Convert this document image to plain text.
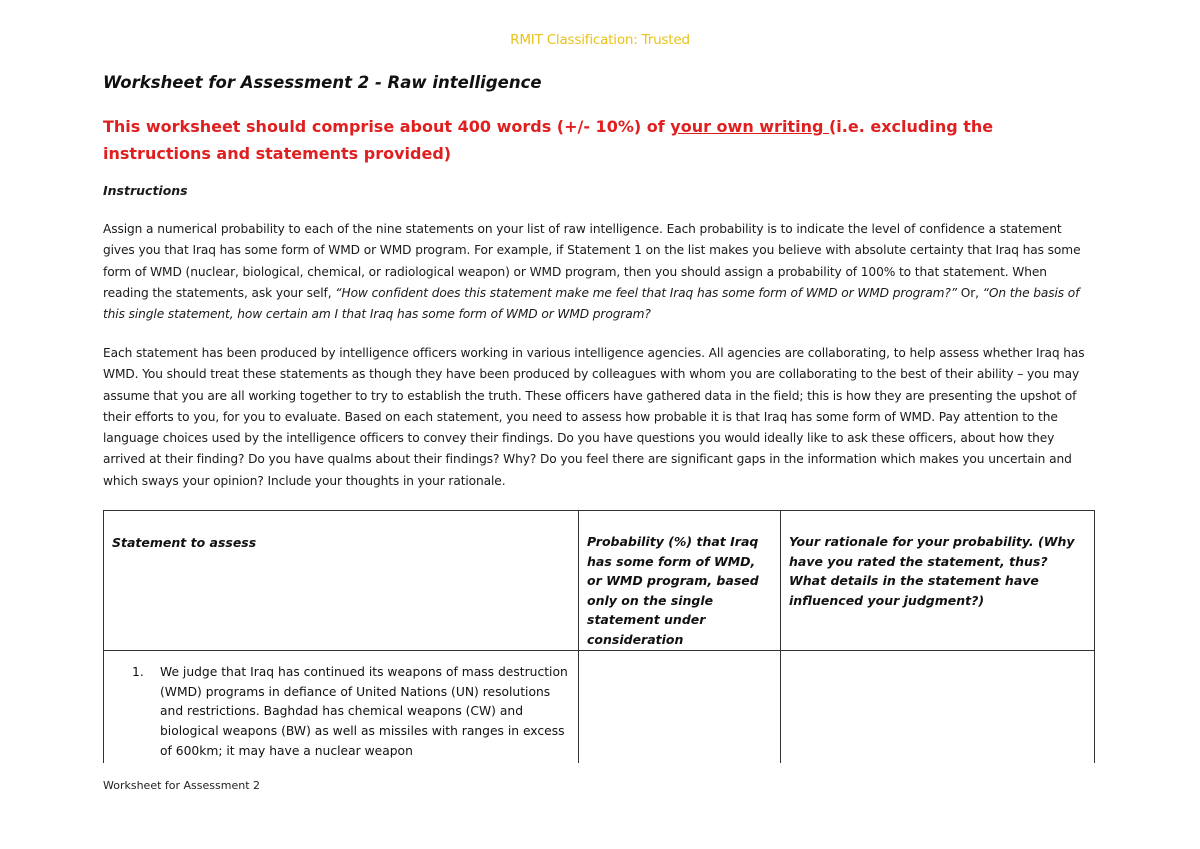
RMIT Classification: Trusted
Worksheet for Assessment 2 - Raw intelligence

This worksheet should comprise about 400 words (+/- 10%) of your own writing (i.e. excluding the instructions and statements provided)

Instructions

Assign a numerical probability to each of the nine statements on your list of raw intelligence. Each probability is to indicate the level of confidence a statement gives you that Iraq has some form of WMD or WMD program. For example, if Statement 1 on the list makes you believe with absolute certainty that Iraq has some form of WMD (nuclear, biological, chemical, or radiological weapon) or WMD program, then you should assign a probability of 100% to that statement. When reading the statements, ask your self, “How confident does this statement make me feel that Iraq has some form of WMD or WMD program?” Or, “On the basis of this single statement, how certain am I that Iraq has some form of WMD or WMD program?

Each statement has been produced by intelligence officers working in various intelligence agencies. All agencies are collaborating, to help assess whether Iraq has WMD. You should treat these statements as though they have been produced by colleagues with whom you are collaborating to the best of their ability – you may assume that you are all working together to try to establish the truth. These officers have gathered data in the field; this is how they are presenting the upshot of their efforts to you, for you to evaluate. Based on each statement, you need to assess how probable it is that Iraq has some form of WMD. Pay attention to the language choices used by the intelligence officers to convey their findings. Do you have questions you would ideally like to ask these officers, about how they arrived at their finding? Do you have qualms about their findings? Why? Do you feel there are significant gaps in the information which makes you uncertain and which sways your opinion? Include your thoughts in your rationale.

Statement to assess	Probability (%) that Iraq has some form of WMD, or WMD program, based only on the single statement under consideration	Your rationale for your probability. (Why have you rated the statement, thus? What details in the statement have influenced your judgment?)

1. We judge that Iraq has continued its weapons of mass destruction (WMD) programs in defiance of United Nations (UN) resolutions and restrictions. Baghdad has chemical weapons (CW) and biological weapons (BW) as well as missiles with ranges in excess of 600km; it may have a nuclear weapon		

Worksheet for Assessment 2
